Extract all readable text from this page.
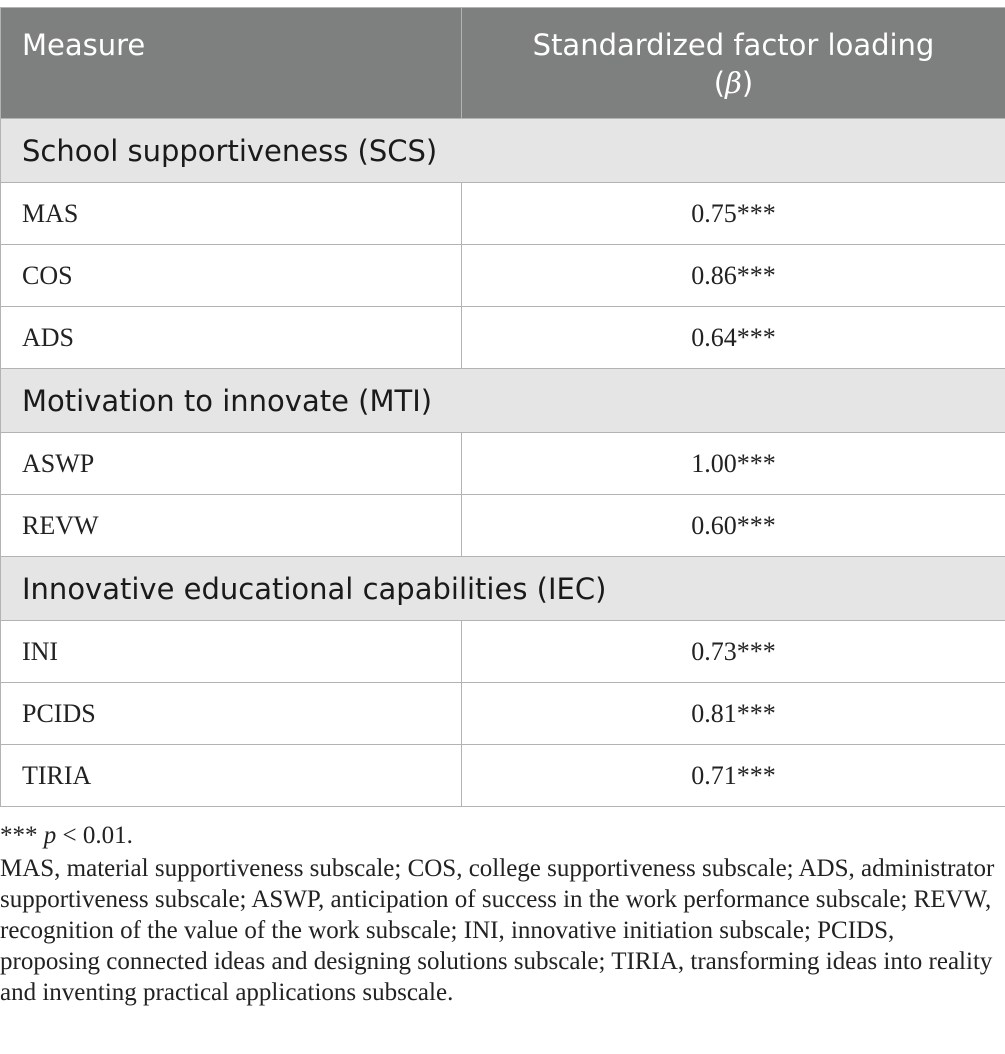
Measure	Standardized factor loading
(β)
School supportiveness (SCS)	
MAS	0.75***
COS	0.86***
ADS	0.64***
Motivation to innovate (MTI)	
ASWP	1.00***
REVW	0.60***
Innovative educational capabilities (IEC)	
INI	0.73***
PCIDS	0.81***
TIRIA	0.71***
*** p < 0.01.
MAS, material supportiveness subscale; COS, college supportiveness subscale; ADS, administrator supportiveness subscale; ASWP, anticipation of success in the work performance subscale; REVW, recognition of the value of the work subscale; INI, innovative initiation subscale; PCIDS, proposing connected ideas and designing solutions subscale; TIRIA, transforming ideas into reality and inventing practical applications subscale.
